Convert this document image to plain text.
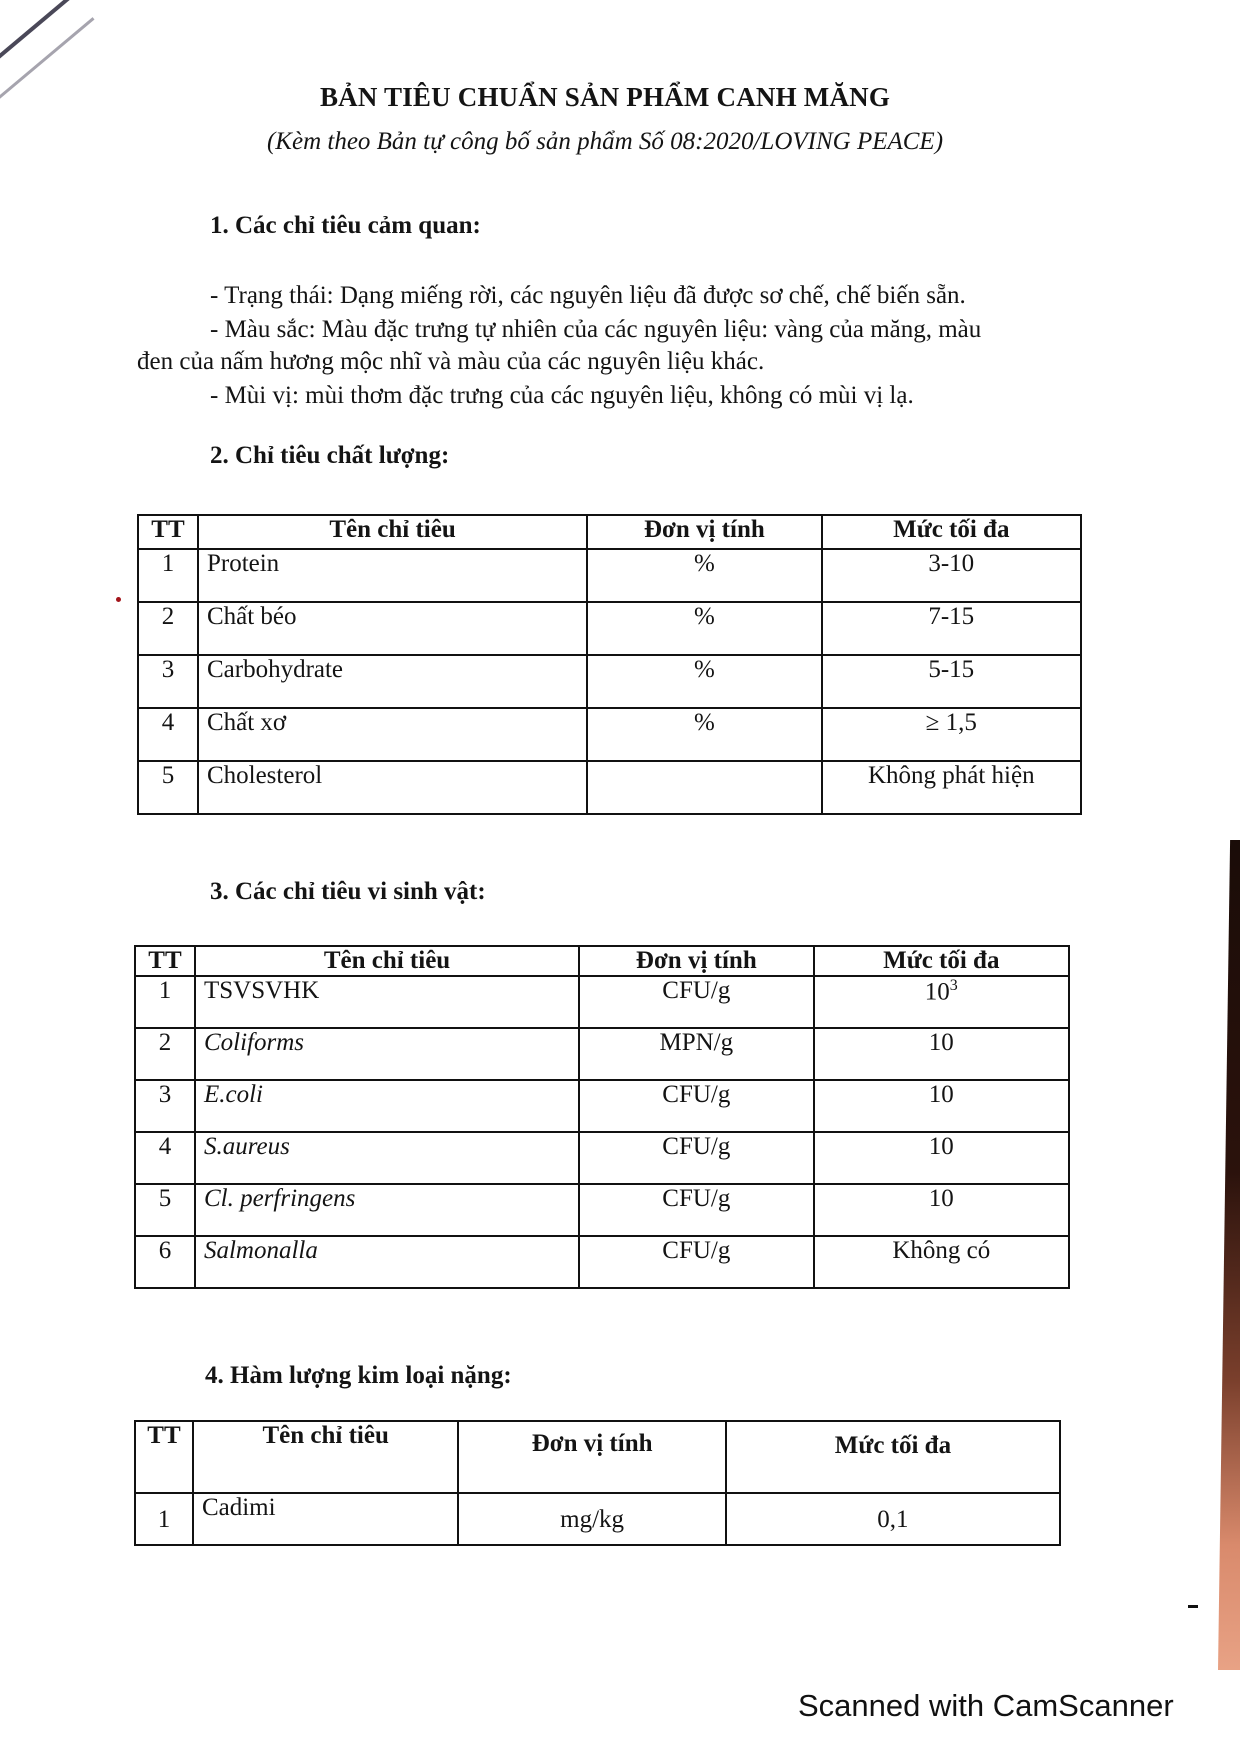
BẢN TIÊU CHUẨN SẢN PHẨM CANH MĂNG
(Kèm theo Bản tự công bố sản phẩm Số 08:2020/LOVING PEACE)
1. Các chỉ tiêu cảm quan:
- Trạng thái: Dạng miếng rời, các nguyên liệu đã được sơ chế, chế biến sẵn.
- Màu sắc: Màu đặc trưng tự nhiên của các nguyên liệu: vàng của măng, màu
đen của nấm hương mộc nhĩ và màu của các nguyên liệu khác.
- Mùi vị: mùi thơm đặc trưng của các nguyên liệu, không có mùi vị lạ.
2. Chỉ tiêu chất lượng:
TT	Tên chỉ tiêu	Đơn vị tính	Mức tối đa
1	Protein	%	3-10
2	Chất béo	%	7-15
3	Carbohydrate	%	5-15
4	Chất xơ	%	≥ 1,5
5	Cholesterol		Không phát hiện
3. Các chỉ tiêu vi sinh vật:
TT	Tên chỉ tiêu	Đơn vị tính	Mức tối đa
1	TSVSVHK	CFU/g	$10^3$
2	Coliforms	MPN/g	10
3	E.coli	CFU/g	10
4	S.aureus	CFU/g	10
5	Cl. perfringens	CFU/g	10
6	Salmonalla	CFU/g	Không có
4. Hàm lượng kim loại nặng:
TT	Tên chỉ tiêu	Đơn vị tính	Mức tối đa
1	Cadimi	mg/kg	0,1
Scanned with CamScanner
